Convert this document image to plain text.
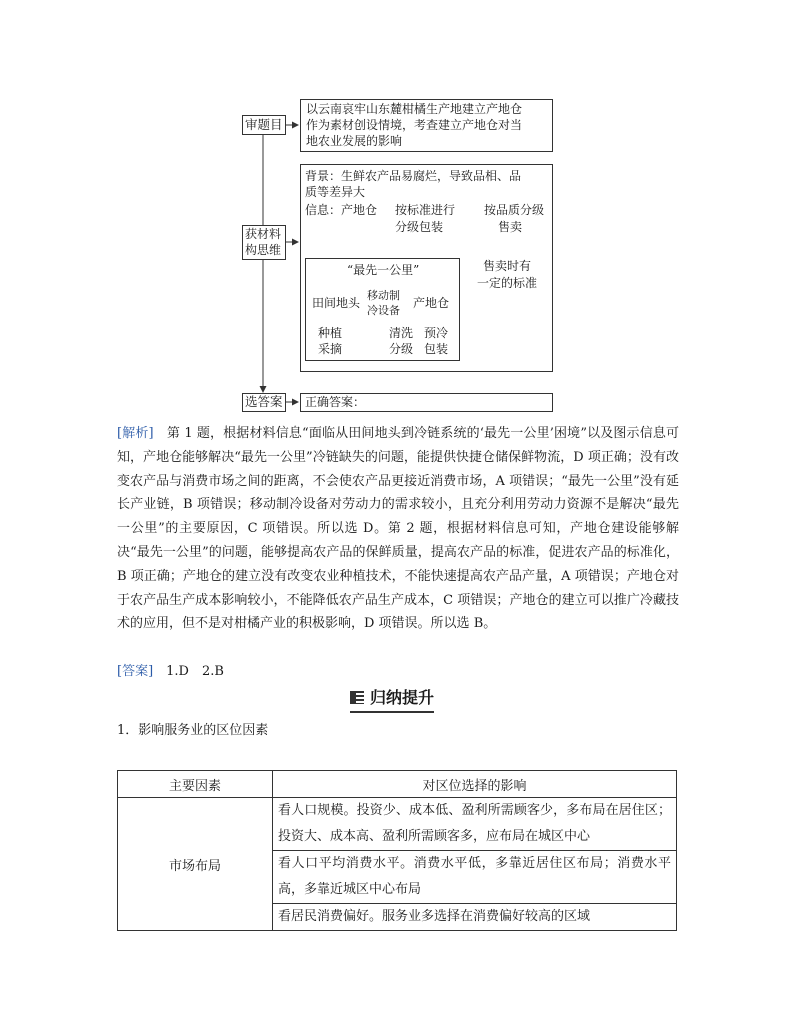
审题目
以云南哀牢山东麓柑橘生产地建立产地仓
作为素材创设情境，考查建立产地仓对当
地农业发展的影响
获材料
构思维
背景：生鲜农产品易腐烂，导致品相、品
质等差异大
信息：产地仓 按标准进行
分级包装
按品质分级
售卖
售卖时有
一定的标准
“最先一公里”
田间地头
移动制
冷设备
产地仓
种植
采摘
清洗
分级
预冷
包装
选答案 正确答案：
[解析]　第 1 题，根据材料信息“面临从田间地头到冷链系统的‘最先一公里’困境”以及图示信息可知，产地仓能够解决“最先一公里”冷链缺失的问题，能提供快捷仓储保鲜物流，D 项正确；没有改变农产品与消费市场之间的距离，不会使农产品更接近消费市场，A 项错误；“最先一公里”没有延长产业链，B 项错误；移动制冷设备对劳动力的需求较小，且充分利用劳动力资源不是解决“最先一公里”的主要原因，C 项错误。所以选 D。第 2 题，根据材料信息可知，产地仓建设能够解决“最先一公里”的问题，能够提高农产品的保鲜质量，提高农产品的标准，促进农产品的标准化，B 项正确；产地仓的建立没有改变农业种植技术，不能快速提高农产品产量，A 项错误；产地仓对于农产品生产成本影响较小，不能降低农产品生产成本，C 项错误；产地仓的建立可以推广冷藏技术的应用，但不是对柑橘产业的积极影响，D 项错误。所以选 B。
[答案]　1.D　2.B
归纳提升
1．影响服务业的区位因素
主要因素	对区位选择的影响
市场布局	看人口规模。投资少、成本低、盈利所需顾客少，多布局在居住区；投资大、成本高、盈利所需顾客多，应布局在城区中心
	看人口平均消费水平。消费水平低，多靠近居住区布局；消费水平高，多靠近城区中心布局
	看居民消费偏好。服务业多选择在消费偏好较高的区域
